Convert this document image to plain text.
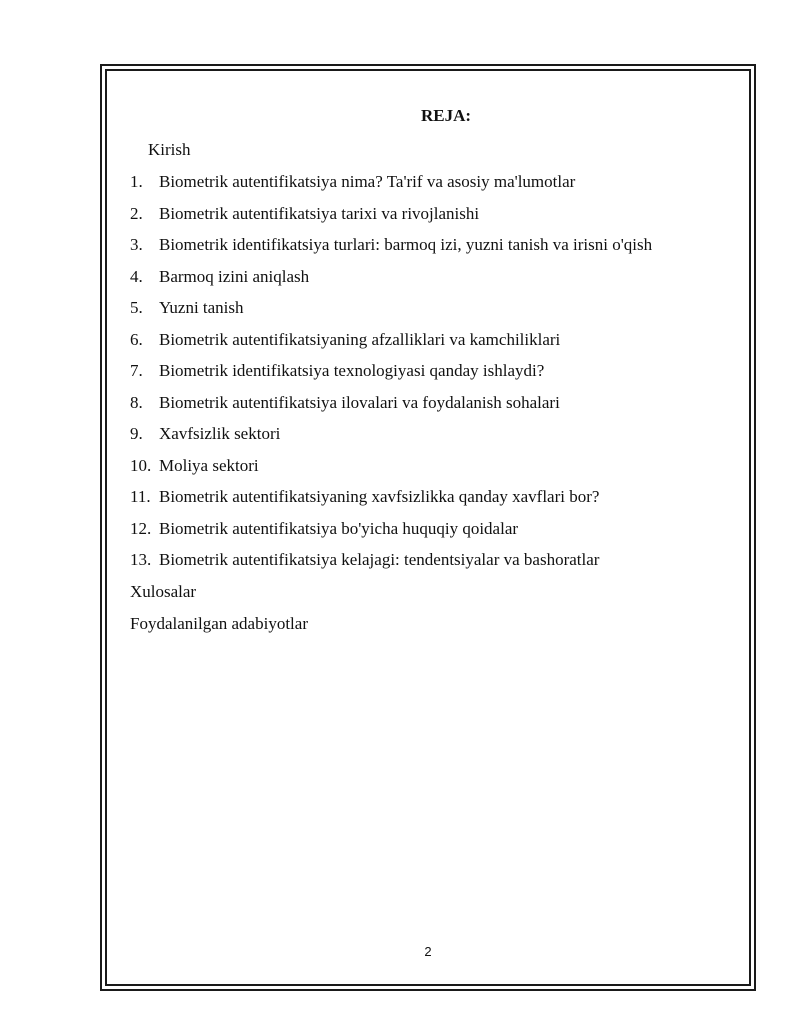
REJA:
Kirish
1. Biometrik autentifikatsiya nima? Ta'rif va asosiy ma'lumotlar
2. Biometrik autentifikatsiya tarixi va rivojlanishi
3. Biometrik identifikatsiya turlari: barmoq izi, yuzni tanish va irisni o'qish
4. Barmoq izini aniqlash
5. Yuzni tanish
6. Biometrik autentifikatsiyaning afzalliklari va kamchiliklari
7. Biometrik identifikatsiya texnologiyasi qanday ishlaydi?
8. Biometrik autentifikatsiya ilovalari va foydalanish sohalari
9. Xavfsizlik sektori
10. Moliya sektori
11. Biometrik autentifikatsiyaning xavfsizlikka qanday xavflari bor?
12. Biometrik autentifikatsiya bo'yicha huquqiy qoidalar
13. Biometrik autentifikatsiya kelajagi: tendentsiyalar va bashoratlar
Xulosalar
Foydalanilgan adabiyotlar
2
